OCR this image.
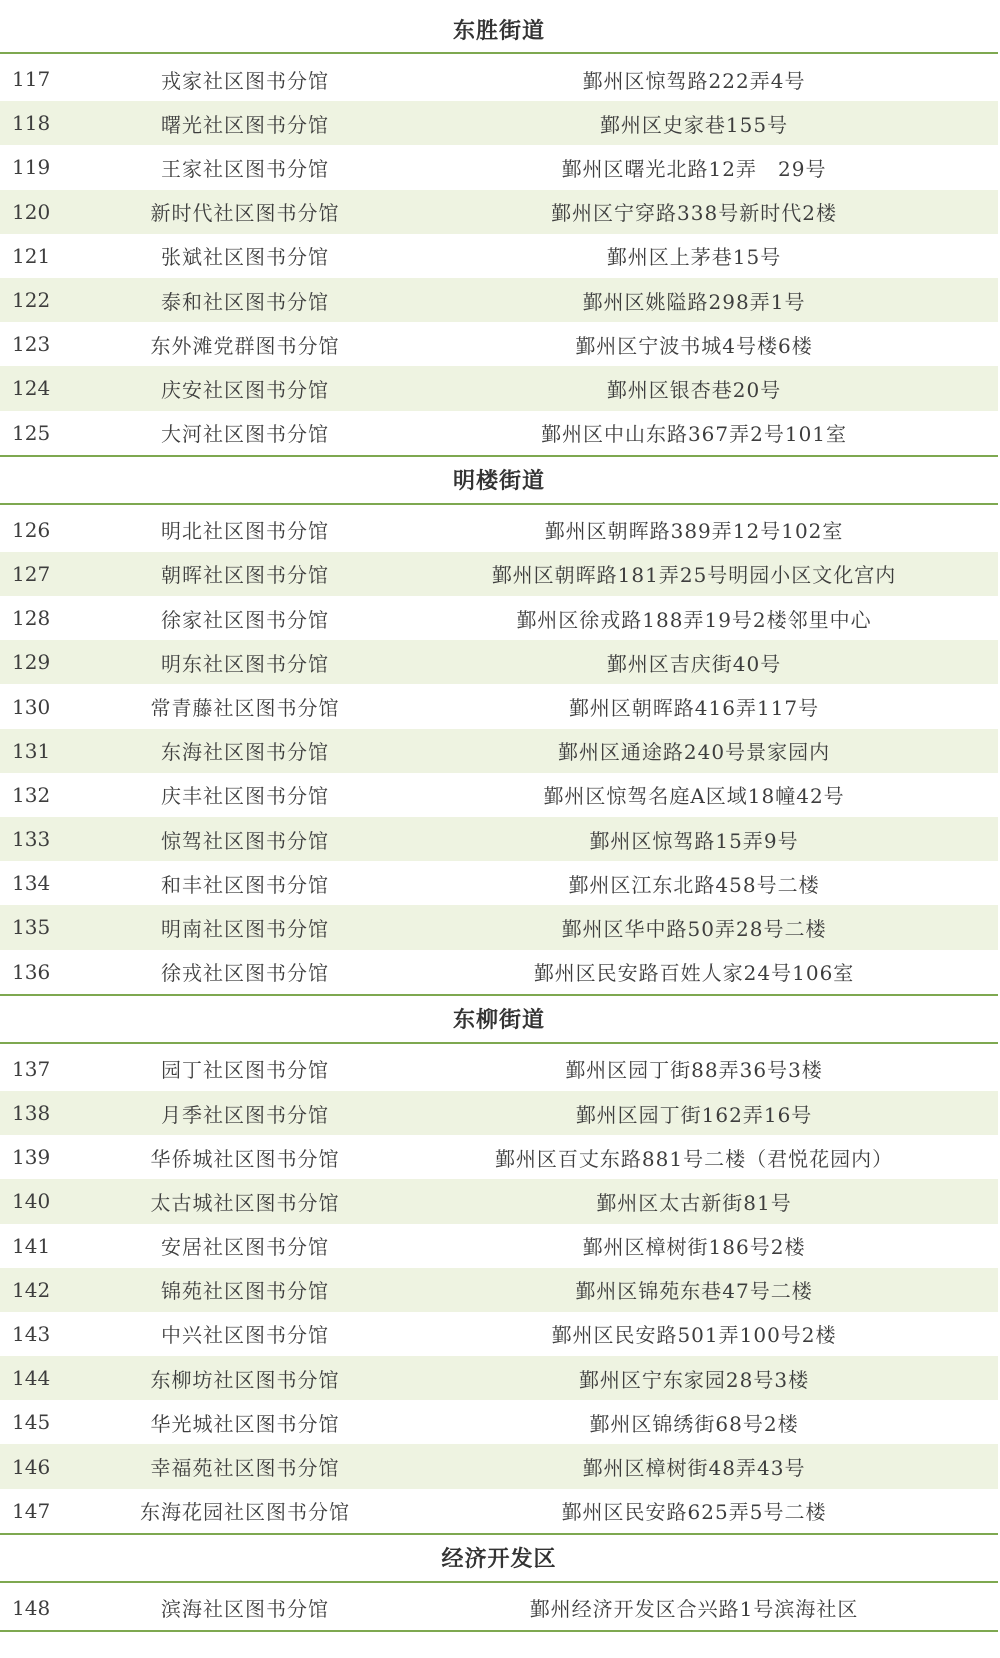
东胜街道
117	戎家社区图书分馆	鄞州区惊驾路222弄4号
118	曙光社区图书分馆	鄞州区史家巷155号
119	王家社区图书分馆	鄞州区曙光北路12弄　29号
120	新时代社区图书分馆	鄞州区宁穿路338号新时代2楼
121	张斌社区图书分馆	鄞州区上茅巷15号
122	泰和社区图书分馆	鄞州区姚隘路298弄1号
123	东外滩党群图书分馆	鄞州区宁波书城4号楼6楼
124	庆安社区图书分馆	鄞州区银杏巷20号
125	大河社区图书分馆	鄞州区中山东路367弄2号101室
明楼街道
126	明北社区图书分馆	鄞州区朝晖路389弄12号102室
127	朝晖社区图书分馆	鄞州区朝晖路181弄25号明园小区文化宫内
128	徐家社区图书分馆	鄞州区徐戎路188弄19号2楼邻里中心
129	明东社区图书分馆	鄞州区吉庆街40号
130	常青藤社区图书分馆	鄞州区朝晖路416弄117号
131	东海社区图书分馆	鄞州区通途路240号景家园内
132	庆丰社区图书分馆	鄞州区惊驾名庭A区域18幢42号
133	惊驾社区图书分馆	鄞州区惊驾路15弄9号
134	和丰社区图书分馆	鄞州区江东北路458号二楼
135	明南社区图书分馆	鄞州区华中路50弄28号二楼
136	徐戎社区图书分馆	鄞州区民安路百姓人家24号106室
东柳街道
137	园丁社区图书分馆	鄞州区园丁街88弄36号3楼
138	月季社区图书分馆	鄞州区园丁街162弄16号
139	华侨城社区图书分馆	鄞州区百丈东路881号二楼（君悦花园内）
140	太古城社区图书分馆	鄞州区太古新街81号
141	安居社区图书分馆	鄞州区樟树街186号2楼
142	锦苑社区图书分馆	鄞州区锦苑东巷47号二楼
143	中兴社区图书分馆	鄞州区民安路501弄100号2楼
144	东柳坊社区图书分馆	鄞州区宁东家园28号3楼
145	华光城社区图书分馆	鄞州区锦绣街68号2楼
146	幸福苑社区图书分馆	鄞州区樟树街48弄43号
147	东海花园社区图书分馆	鄞州区民安路625弄5号二楼
经济开发区
148	滨海社区图书分馆	鄞州经济开发区合兴路1号滨海社区
